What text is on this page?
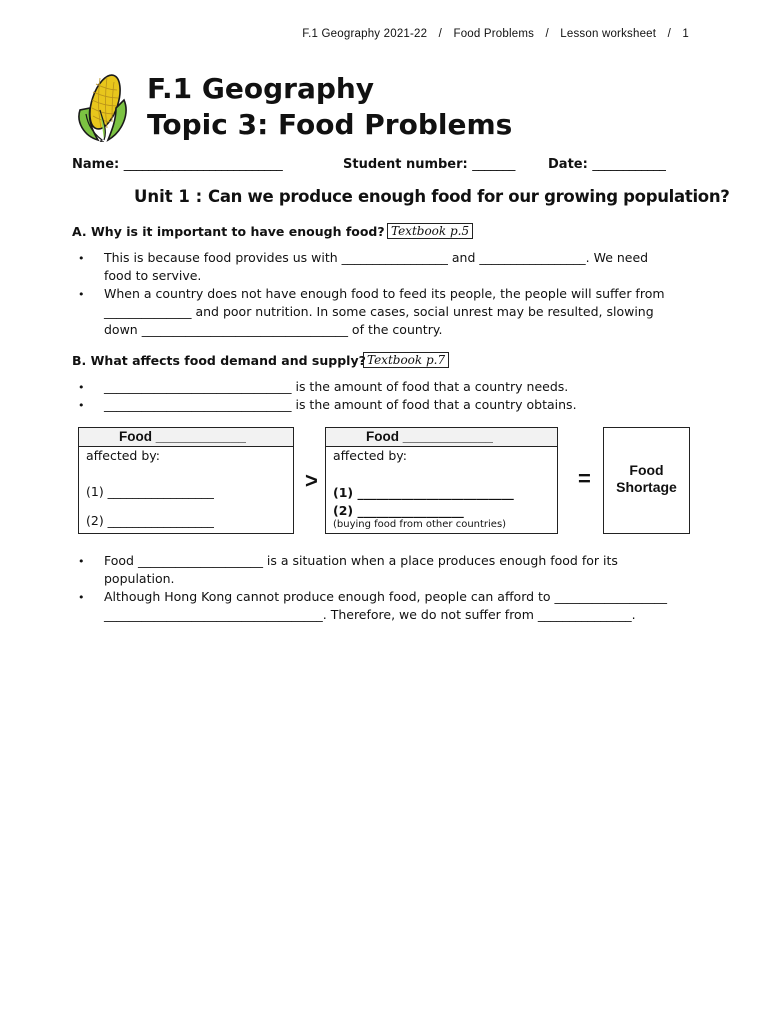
F.1 Geography 2021-22 / Food Problems / Lesson worksheet / 1
F.1 Geography
Topic 3: Food Problems
Name: __________________________	Student number: _______	Date: ____________
Unit 1 : Can we produce enough food for our growing population?
A. Why is it important to have enough food? Textbook p.5
• This is because food provides us with _________________ and _________________. We need
food to servive.
• When a country does not have enough food to feed its people, the people will suffer from
______________ and poor nutrition. In some cases, social unrest may be resulted, slowing
down _________________________________ of the country.
B. What affects food demand and supply? Textbook p.7
• ______________________________ is the amount of food that a country needs.
• ______________________________ is the amount of food that a country obtains.
Food ____________
affected by:
(1) _________________
(2) _________________
>
Food ____________
affected by:
(1) _________________________
(2) _________________
(buying food from other countries)
=	Food
Shortage
• Food ____________________ is a situation when a place produces enough food for its
population.
• Although Hong Kong cannot produce enough food, people can afford to __________________
___________________________________. Therefore, we do not suffer from _______________.
